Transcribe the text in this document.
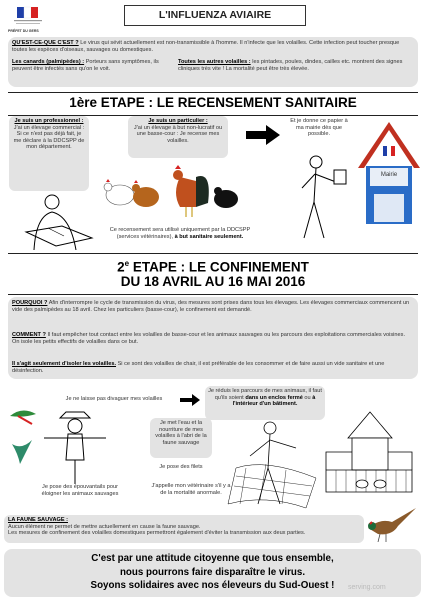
PRÉFET DU GERS
L'INFLUENZA AVIAIRE
QU'EST-CE-QUE C'EST ? Le virus qui sévit actuellement est non-transmissible à l'homme. Il n'infecte que les volailles. Cette infection peut toucher presque toutes les espèces d'oiseaux, sauvages ou domestiques.
Les canards (palmipèdes) : Porteurs sans symptômes, ils peuvent être infectés sans qu'on le voit.
Toutes les autres volailles : les pintades, poules, dindes, cailles etc. montrent des signes cliniques très vite ! La mortalité peut être très élevée.
1ère ETAPE : LE RECENSEMENT SANITAIRE
Je suis un professionnel :
J'ai un élevage commercial : Si ce n'est pas déjà fait, je me déclare à la DDCSPP de mon département.
Je suis un particulier :
J'ai un élevage à but non-lucratif ou une basse-cour : Je recense mes volailles.
Et je donne ce papier à ma mairie dès que possible.
Mairie
Ce recensement sera utilisé uniquement par la DDCSPP (services vétérinaires), à but sanitaire seulement.
2e ETAPE : LE CONFINEMENT
DU 18 AVRIL AU 16 MAI 2016
POURQUOI ? Afin d'interrompre le cycle de transmission du virus, des mesures sont prises dans tous les élevages. Les élevages commerciaux commencent un vide des palmipèdes au 18 avril. Chez les particuliers (basse-cour), le confinement est demandé.
COMMENT ? Il faut empêcher tout contact entre les volailles de basse-cour et les animaux sauvages ou les parcours des exploitations commerciales voisines.
On isole les petits effectifs de volailles dans ce but.
Il s'agit seulement d'isoler les volailles. Si ce sont des volailles de chair, il est préférable de les consommer et de faire aussi un vide sanitaire et une désinfection.
Je ne laisse pas divaguer mes volailles
Je réduis les parcours de mes animaux, il faut qu'ils soient dans un enclos fermé ou à l'intérieur d'un bâtiment.
Je pose des épouvantails pour éloigner les animaux sauvages
Je met l'eau et la nourriture de mes volailles à l'abri de la faune sauvage
Je pose des filets
J'appelle mon vétérinaire s'il y a de la mortalité anormale.
LA FAUNE SAUVAGE :
Aucun élément ne permet de mettre actuellement en cause la faune sauvage.
Les mesures de confinement des volailles domestiques permettront également d'éviter la transmission aux deux parties.
C'est par une attitude citoyenne que tous ensemble,
nous pourrons faire disparaître le virus.
Soyons solidaires avec nos éleveurs du Sud-Ouest !	serving.com
